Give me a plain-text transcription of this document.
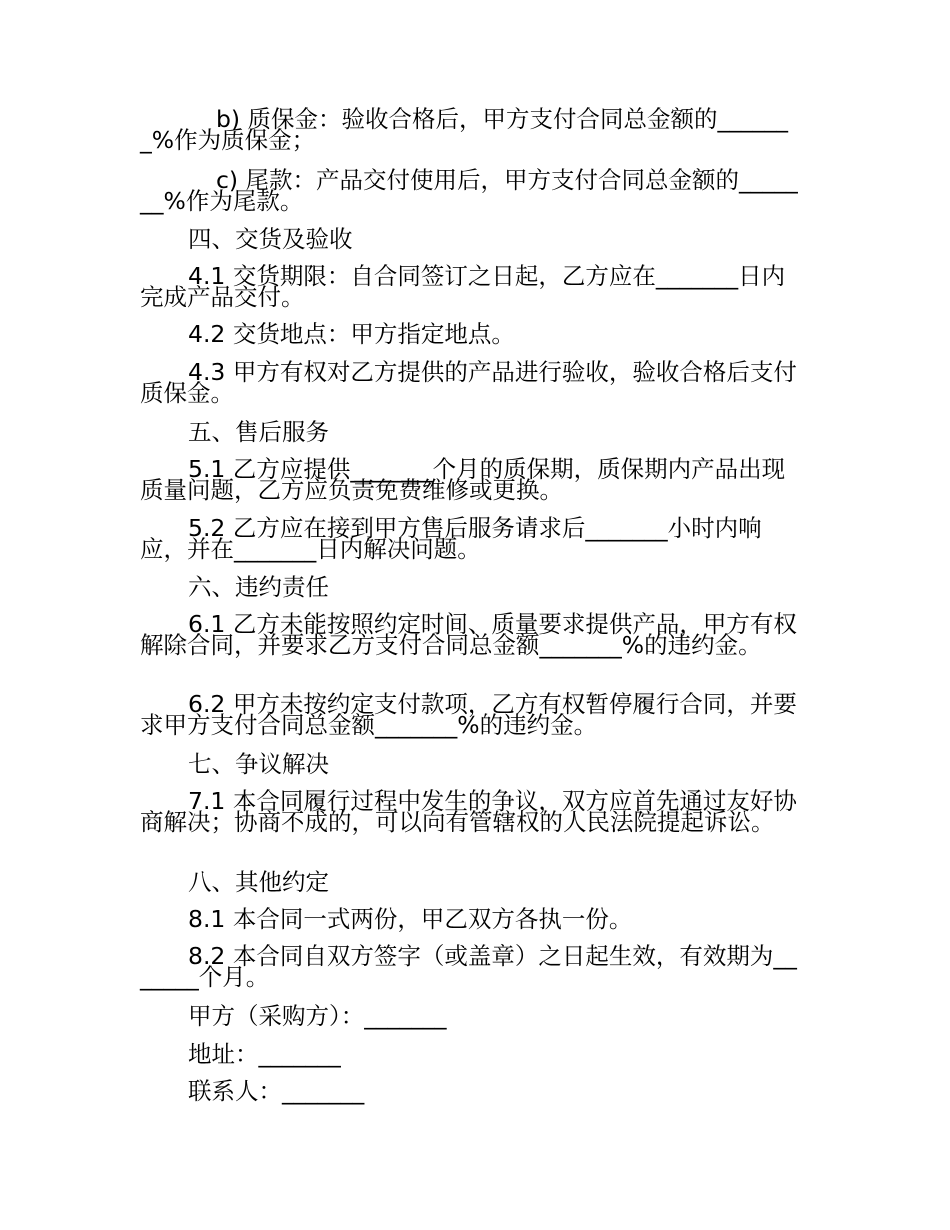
b) 质保金：验收合格后，甲方支付合同总金额的_______%作为质保金；
c) 尾款：产品交付使用后，甲方支付合同总金额的_______%作为尾款。
四、交货及验收
4.1 交货期限：自合同签订之日起，乙方应在_______日内完成产品交付。
4.2 交货地点：甲方指定地点。
4.3 甲方有权对乙方提供的产品进行验收，验收合格后支付质保金。
五、售后服务
5.1 乙方应提供_______个月的质保期，质保期内产品出现质量问题，乙方应负责免费维修或更换。
5.2 乙方应在接到甲方售后服务请求后_______小时内响应，并在_______日内解决问题。
六、违约责任
6.1 乙方未能按照约定时间、质量要求提供产品，甲方有权解除合同，并要求乙方支付合同总金额_______%的违约金。
6.2 甲方未按约定支付款项，乙方有权暂停履行合同，并要求甲方支付合同总金额_______%的违约金。
七、争议解决
7.1 本合同履行过程中发生的争议，双方应首先通过友好协商解决；协商不成的，可以向有管辖权的人民法院提起诉讼。
八、其他约定
8.1 本合同一式两份，甲乙双方各执一份。
8.2 本合同自双方签字（或盖章）之日起生效，有效期为_______个月。
甲方（采购方）：_______
地址：_______
联系人：_______
